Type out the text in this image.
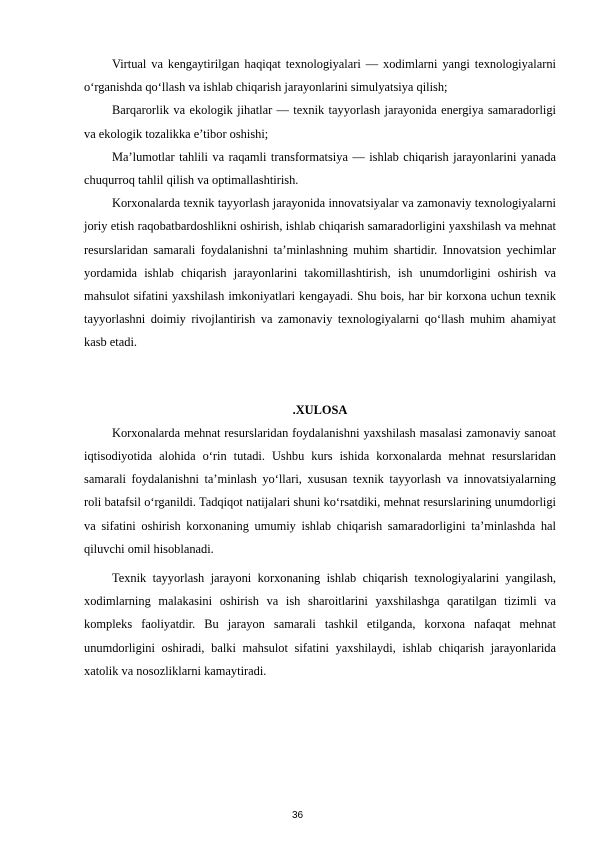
Virtual va kengaytirilgan haqiqat texnologiyalari — xodimlarni yangi texnologiyalarni o‘rganishda qo‘llash va ishlab chiqarish jarayonlarini simulyatsiya qilish;

Barqarorlik va ekologik jihatlar — texnik tayyorlash jarayonida energiya samaradorligi va ekologik tozalikka e’tibor oshishi;

Ma’lumotlar tahlili va raqamli transformatsiya — ishlab chiqarish jarayonlarini yanada chuqurroq tahlil qilish va optimallashtirish.

Korxonalarda texnik tayyorlash jarayonida innovatsiyalar va zamonaviy texnologiyalarni joriy etish raqobatbardoshlikni oshirish, ishlab chiqarish samaradorligini yaxshilash va mehnat resurslaridan samarali foydalanishni ta’minlashning muhim shartidir. Innovatsion yechimlar yordamida ishlab chiqarish jarayonlarini takomillashtirish, ish unumdorligini oshirish va mahsulot sifatini yaxshilash imkoniyatlari kengayadi. Shu bois, har bir korxona uchun texnik tayyorlashni doimiy rivojlantirish va zamonaviy texnologiyalarni qo‘llash muhim ahamiyat kasb etadi.

.XULOSA

Korxonalarda mehnat resurslaridan foydalanishni yaxshilash masalasi zamonaviy sanoat iqtisodiyotida alohida o‘rin tutadi. Ushbu kurs ishida korxonalarda mehnat resurslaridan samarali foydalanishni ta’minlash yo‘llari, xususan texnik tayyorlash va innovatsiyalarning roli batafsil o‘rganildi. Tadqiqot natijalari shuni ko‘rsatdiki, mehnat resurslarining unumdorligi va sifatini oshirish korxonaning umumiy ishlab chiqarish samaradorligini ta’minlashda hal qiluvchi omil hisoblanadi.

Texnik tayyorlash jarayoni korxonaning ishlab chiqarish texnologiyalarini yangilash, xodimlarning malakasini oshirish va ish sharoitlarini yaxshilashga qaratilgan tizimli va kompleks faoliyatdir. Bu jarayon samarali tashkil etilganda, korxona nafaqat mehnat unumdorligini oshiradi, balki mahsulot sifatini yaxshilaydi, ishlab chiqarish jarayonlarida xatolik va nosozliklarni kamaytiradi.

36
